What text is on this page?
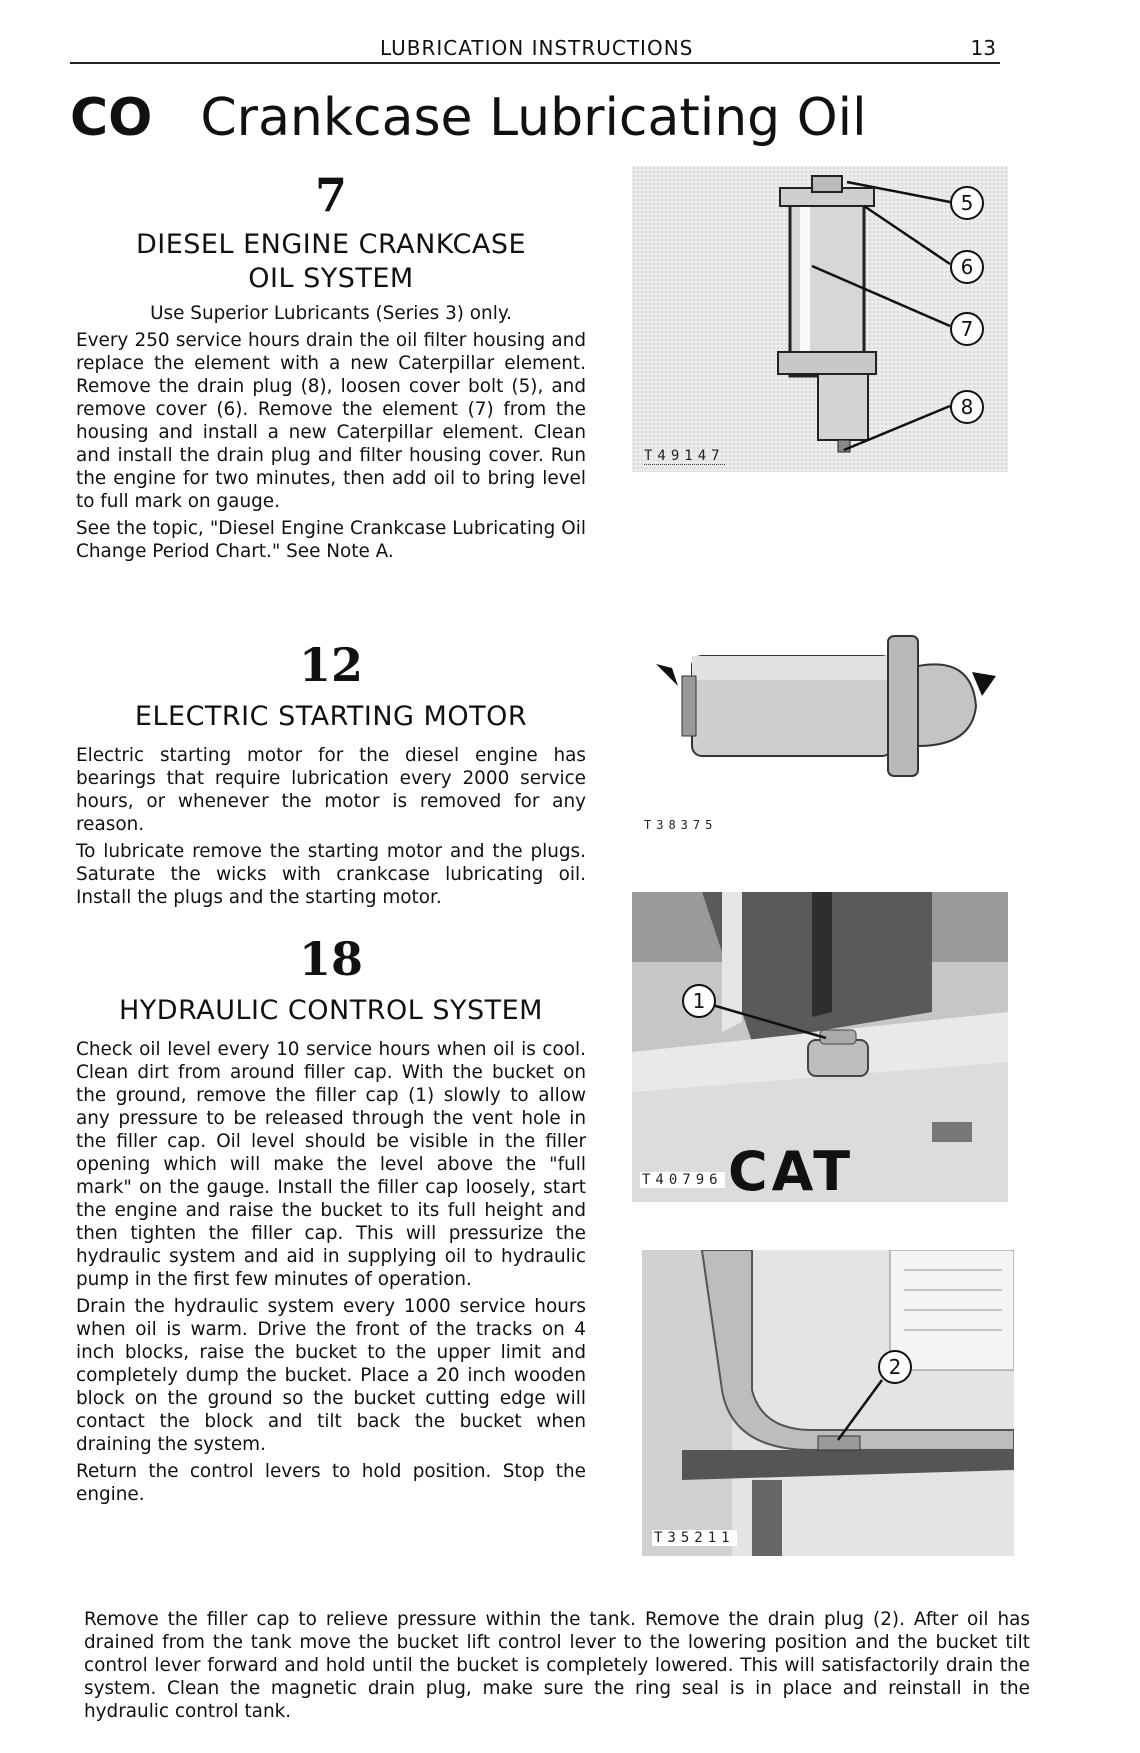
LUBRICATION INSTRUCTIONS	13
CO Crankcase Lubricating Oil
7
DIESEL ENGINE CRANKCASE
OIL SYSTEM

Use Superior Lubricants (Series 3) only.

Every 250 service hours drain the oil filter housing and replace the element with a new Caterpillar element. Remove the drain plug (8), loosen cover bolt (5), and remove cover (6). Remove the element (7) from the housing and install a new Caterpillar element. Clean and install the drain plug and filter housing cover. Run the engine for two minutes, then add oil to bring level to full mark on gauge.

See the topic, "Diesel Engine Crankcase Lubricating Oil Change Period Chart." See Note A.

12
ELECTRIC STARTING MOTOR

Electric starting motor for the diesel engine has bearings that require lubrication every 2000 service hours, or whenever the motor is removed for any reason.

To lubricate remove the starting motor and the plugs. Saturate the wicks with crankcase lubricating oil. Install the plugs and the starting motor.

18
HYDRAULIC CONTROL SYSTEM

Check oil level every 10 service hours when oil is cool. Clean dirt from around filler cap. With the bucket on the ground, remove the filler cap (1) slowly to allow any pressure to be released through the vent hole in the filler cap. Oil level should be visible in the filler opening which will make the level above the "full mark" on the gauge. Install the filler cap loosely, start the engine and raise the bucket to its full height and then tighten the filler cap. This will pressurize the hydraulic system and aid in supplying oil to hydraulic pump in the first few minutes of operation.

Drain the hydraulic system every 1000 service hours when oil is warm. Drive the front of the tracks on 4 inch blocks, raise the bucket to the upper limit and completely dump the bucket. Place a 20 inch wooden block on the ground so the bucket cutting edge will contact the block and tilt back the bucket when draining the system.

Return the control levers to hold position. Stop the engine.

5
6
7
8
T49147
T38375
1
CAT
T40796
2
T35211

Remove the filler cap to relieve pressure within the tank. Remove the drain plug (2). After oil has drained from the tank move the bucket lift control lever to the lowering position and the bucket tilt control lever forward and hold until the bucket is completely lowered. This will satisfactorily drain the system. Clean the magnetic drain plug, make sure the ring seal is in place and reinstall in the hydraulic control tank.
